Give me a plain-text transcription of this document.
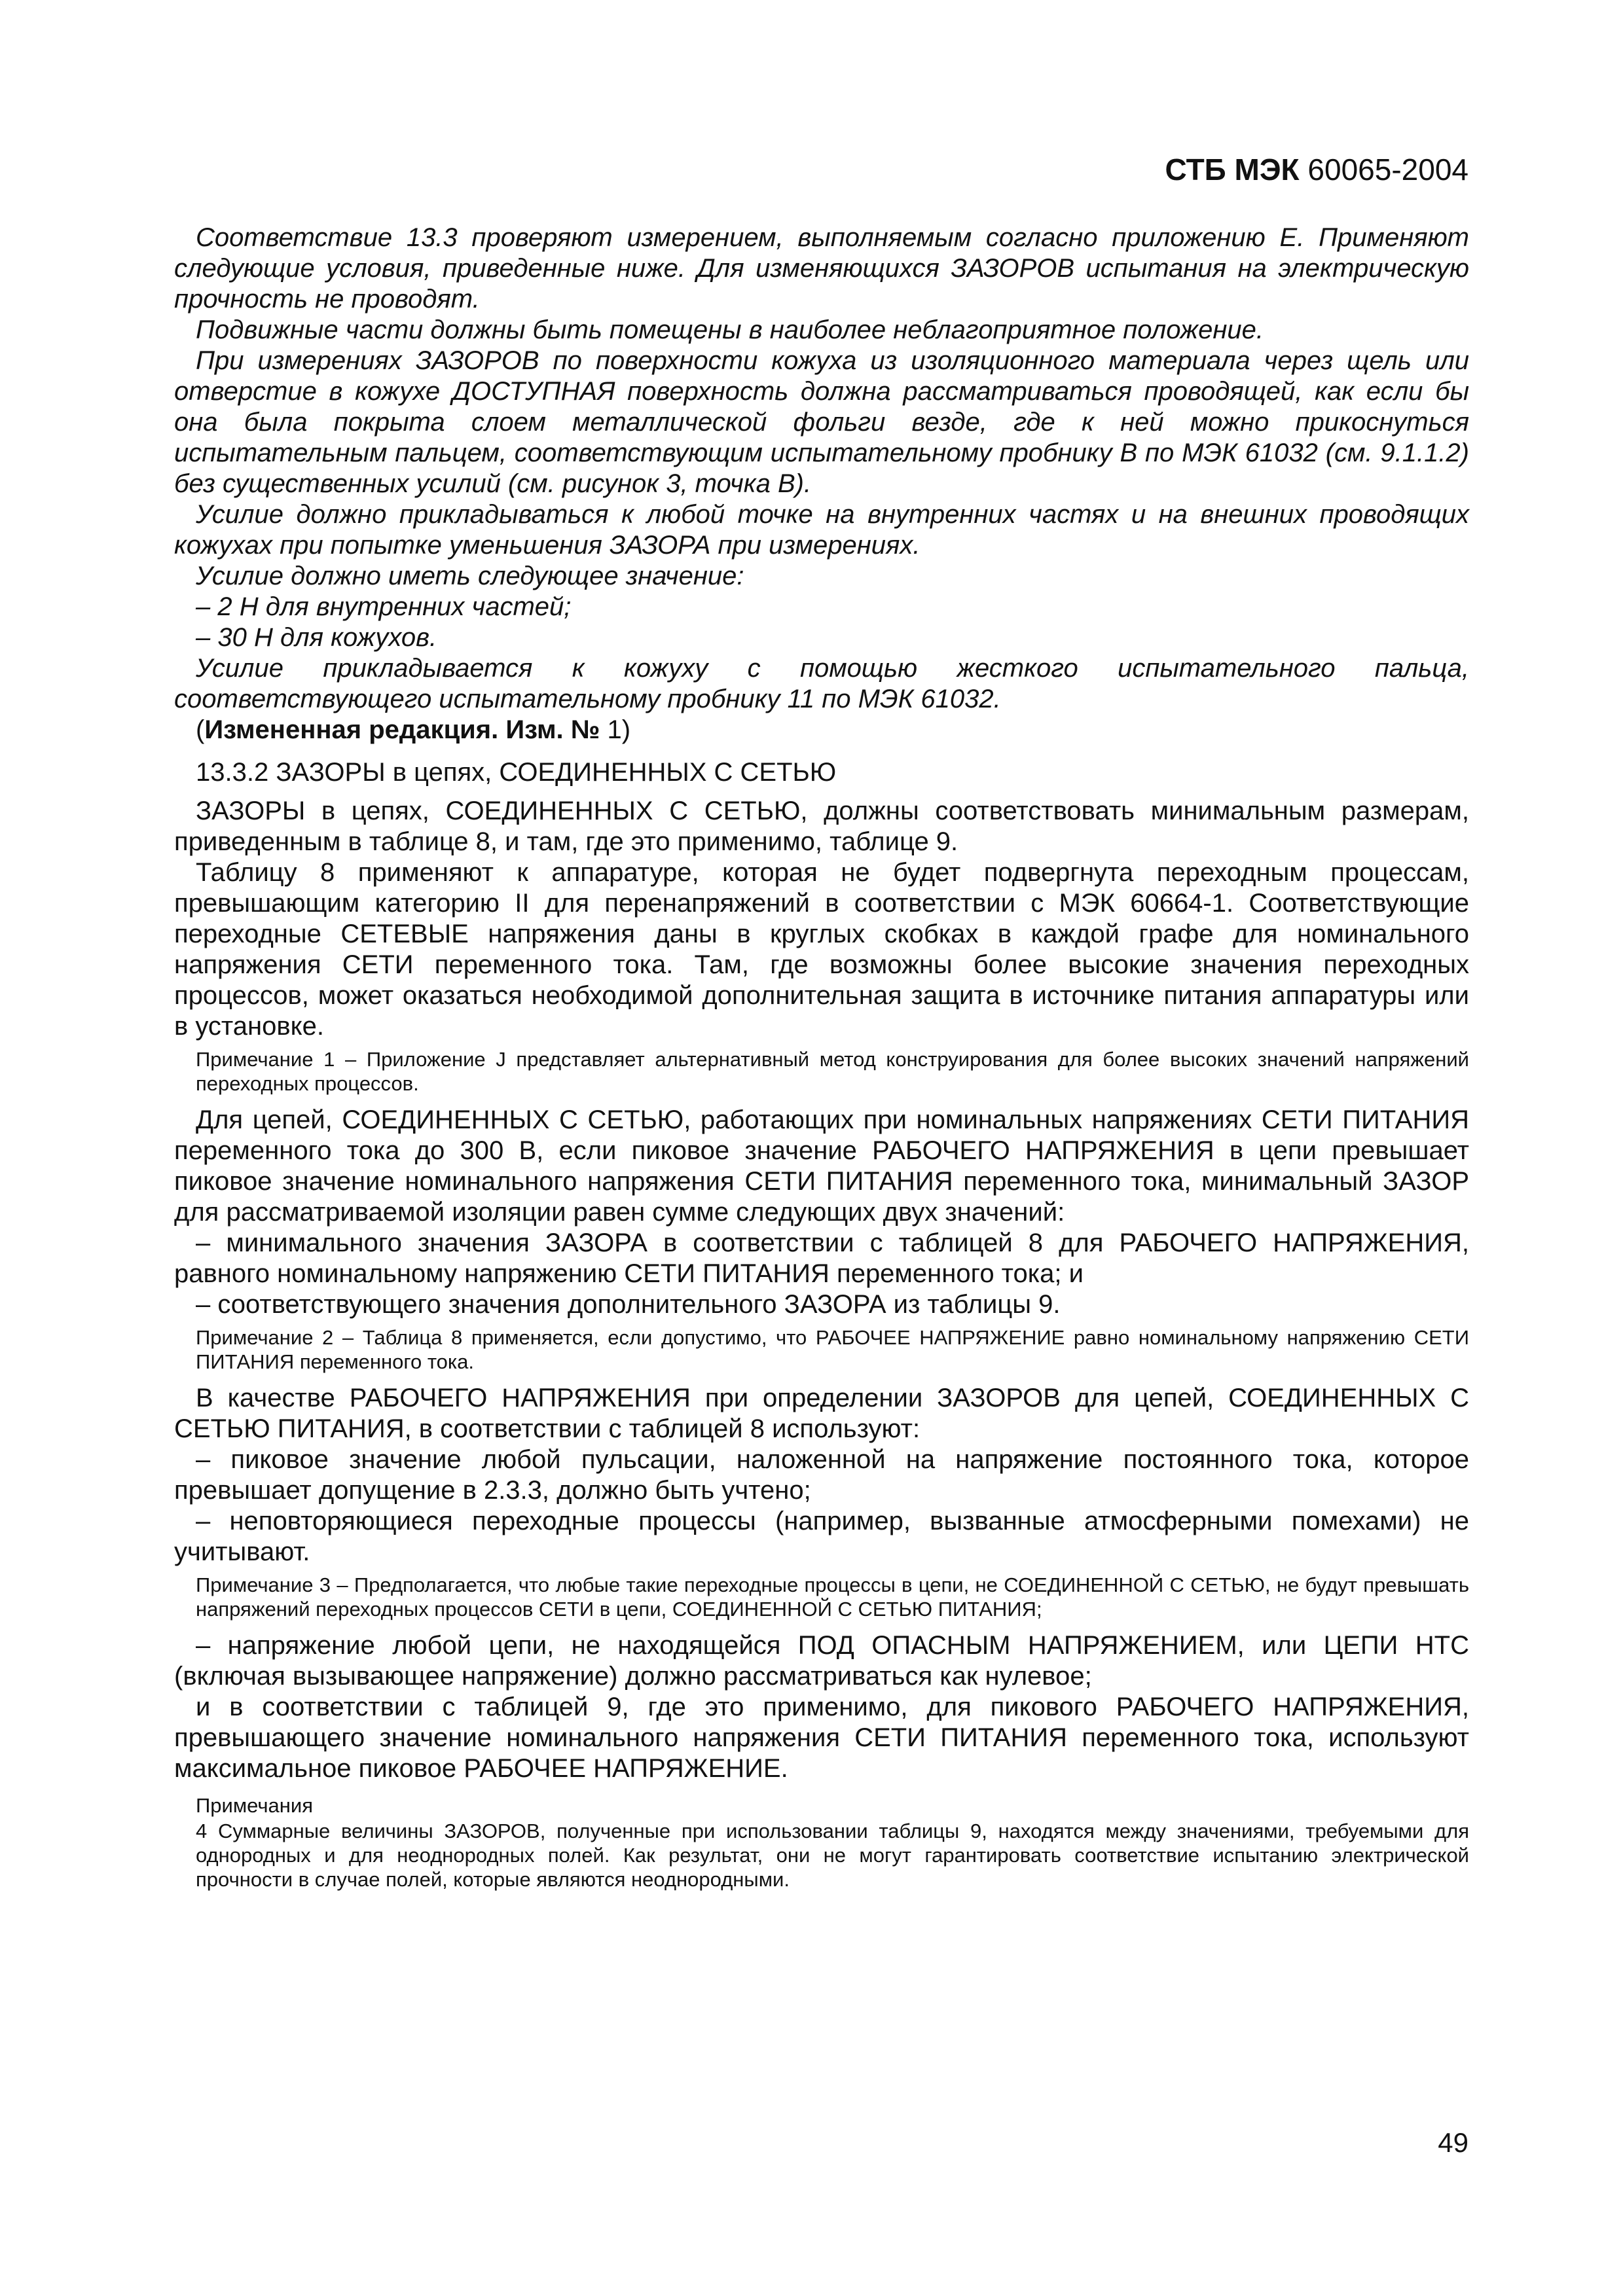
СТБ МЭК 60065-2004

Соответствие 13.3 проверяют измерением, выполняемым согласно приложению Е. Применяют следующие условия, приведенные ниже. Для изменяющихся ЗАЗОРОВ испытания на электрическую прочность не проводят.

Подвижные части должны быть помещены в наиболее неблагоприятное положение.

При измерениях ЗАЗОРОВ по поверхности кожуха из изоляционного материала через щель или отверстие в кожухе ДОСТУПНАЯ поверхность должна рассматриваться проводящей, как если бы она была покрыта слоем металлической фольги везде, где к ней можно прикоснуться испытательным пальцем, соответствующим испытательному пробнику В по МЭК 61032 (см. 9.1.1.2) без существенных усилий (см. рисунок 3, точка В).

Усилие должно прикладываться к любой точке на внутренних частях и на внешних проводящих кожухах при попытке уменьшения ЗАЗОРА при измерениях.

Усилие должно иметь следующее значение:

– 2 Н для внутренних частей;

– 30 Н для кожухов.

Усилие прикладывается к кожуху с помощью жесткого испытательного пальца, соответствующего испытательному пробнику 11 по МЭК 61032.

(Измененная редакция. Изм. № 1)

13.3.2 ЗАЗОРЫ в цепях, СОЕДИНЕННЫХ С СЕТЬЮ

ЗАЗОРЫ в цепях, СОЕДИНЕННЫХ С СЕТЬЮ, должны соответствовать минимальным размерам, приведенным в таблице 8, и там, где это применимо, таблице 9.

Таблицу 8 применяют к аппаратуре, которая не будет подвергнута переходным процессам, превышающим категорию II для перенапряжений в соответствии с МЭК 60664-1. Соответствующие переходные СЕТЕВЫЕ напряжения даны в круглых скобках в каждой графе для номинального напряжения СЕТИ переменного тока. Там, где возможны более высокие значения переходных процессов, может оказаться необходимой дополнительная защита в источнике питания аппаратуры или в установке.

Примечание 1 – Приложение J представляет альтернативный метод конструирования для более высоких значений напряжений переходных процессов.

Для цепей, СОЕДИНЕННЫХ С СЕТЬЮ, работающих при номинальных напряжениях СЕТИ ПИТАНИЯ переменного тока до 300 В, если пиковое значение РАБОЧЕГО НАПРЯЖЕНИЯ в цепи превышает пиковое значение номинального напряжения СЕТИ ПИТАНИЯ переменного тока, минимальный ЗАЗОР для рассматриваемой изоляции равен сумме следующих двух значений:

– минимального значения ЗАЗОРА в соответствии с таблицей 8 для РАБОЧЕГО НАПРЯЖЕНИЯ, равного номинальному напряжению СЕТИ ПИТАНИЯ переменного тока; и

– соответствующего значения дополнительного ЗАЗОРА из таблицы 9.

Примечание 2 – Таблица 8 применяется, если допустимо, что РАБОЧЕЕ НАПРЯЖЕНИЕ равно номинальному напряжению СЕТИ ПИТАНИЯ переменного тока.

В качестве РАБОЧЕГО НАПРЯЖЕНИЯ при определении ЗАЗОРОВ для цепей, СОЕДИНЕННЫХ С СЕТЬЮ ПИТАНИЯ, в соответствии с таблицей 8 используют:

– пиковое значение любой пульсации, наложенной на напряжение постоянного тока, которое превышает допущение в 2.3.3, должно быть учтено;

– неповторяющиеся переходные процессы (например, вызванные атмосферными помехами) не учитывают.

Примечание 3 – Предполагается, что любые такие переходные процессы в цепи, не СОЕДИНЕННОЙ С СЕТЬЮ, не будут превышать напряжений переходных процессов СЕТИ в цепи, СОЕДИНЕННОЙ С СЕТЬЮ ПИТАНИЯ;

– напряжение любой цепи, не находящейся ПОД ОПАСНЫМ НАПРЯЖЕНИЕМ, или ЦЕПИ НТС (включая вызывающее напряжение) должно рассматриваться как нулевое;

и в соответствии с таблицей 9, где это применимо, для пикового РАБОЧЕГО НАПРЯЖЕНИЯ, превышающего значение номинального напряжения СЕТИ ПИТАНИЯ переменного тока, используют максимальное пиковое РАБОЧЕЕ НАПРЯЖЕНИЕ.

Примечания

4 Суммарные величины ЗАЗОРОВ, полученные при использовании таблицы 9, находятся между значениями, требуемыми для однородных и для неоднородных полей. Как результат, они не могут гарантировать соответствие испытанию электрической прочности в случае полей, которые являются неоднородными.

49
